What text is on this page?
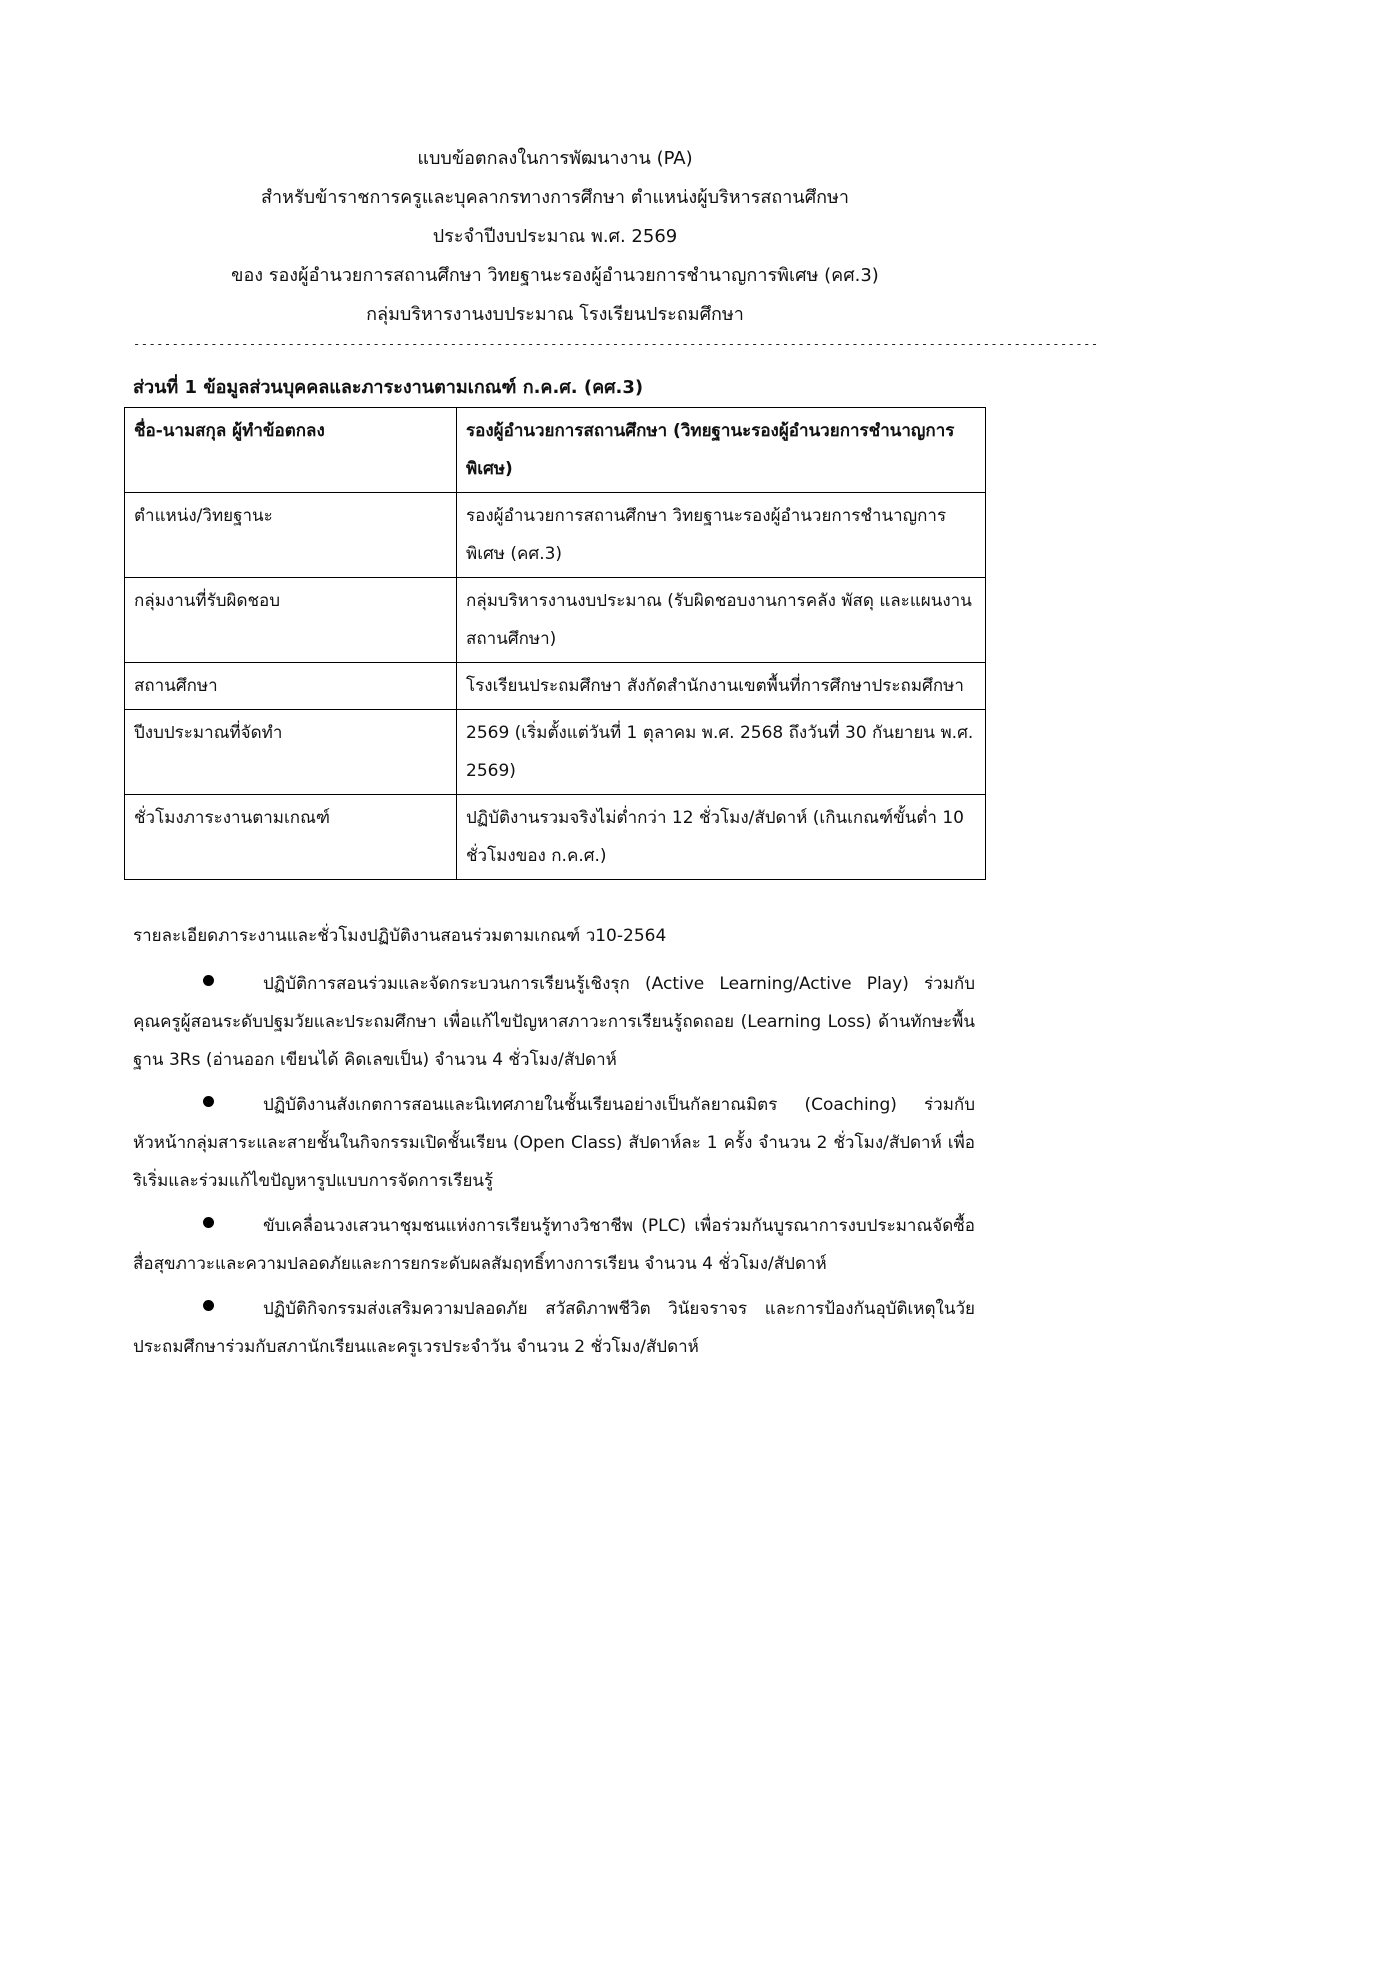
แบบข้อตกลงในการพัฒนางาน (PA)
สำหรับข้าราชการครูและบุคลากรทางการศึกษา ตำแหน่งผู้บริหารสถานศึกษา
ประจำปีงบประมาณ พ.ศ. 2569
ของ รองผู้อำนวยการสถานศึกษา วิทยฐานะรองผู้อำนวยการชำนาญการพิเศษ (คศ.3)
กลุ่มบริหารงานงบประมาณ โรงเรียนประถมศึกษา
-----------------------------------------------------------------------------------------------------------------------------
ส่วนที่ 1 ข้อมูลส่วนบุคคลและภาระงานตามเกณฑ์ ก.ค.ศ. (คศ.3)
ชื่อ-นามสกุล ผู้ทำข้อตกลง	รองผู้อำนวยการสถานศึกษา (วิทยฐานะรองผู้อำนวยการชำนาญการพิเศษ)
ตำแหน่ง/วิทยฐานะ	รองผู้อำนวยการสถานศึกษา วิทยฐานะรองผู้อำนวยการชำนาญการพิเศษ (คศ.3)
กลุ่มงานที่รับผิดชอบ	กลุ่มบริหารงานงบประมาณ (รับผิดชอบงานการคลัง พัสดุ และแผนงานสถานศึกษา)
สถานศึกษา	โรงเรียนประถมศึกษา สังกัดสำนักงานเขตพื้นที่การศึกษาประถมศึกษา
ปีงบประมาณที่จัดทำ	2569 (เริ่มตั้งแต่วันที่ 1 ตุลาคม พ.ศ. 2568 ถึงวันที่ 30 กันยายน พ.ศ. 2569)
ชั่วโมงภาระงานตามเกณฑ์	ปฏิบัติงานรวมจริงไม่ต่ำกว่า 12 ชั่วโมง/สัปดาห์ (เกินเกณฑ์ขั้นต่ำ 10 ชั่วโมงของ ก.ค.ศ.)
รายละเอียดภาระงานและชั่วโมงปฏิบัติงานสอนร่วมตามเกณฑ์ ว10-2564
ปฏิบัติการสอนร่วมและจัดกระบวนการเรียนรู้เชิงรุก (Active Learning/Active Play) ร่วมกับคุณครูผู้สอนระดับปฐมวัยและประถมศึกษา เพื่อแก้ไขปัญหาสภาวะการเรียนรู้ถดถอย (Learning Loss) ด้านทักษะพื้นฐาน 3Rs (อ่านออก เขียนได้ คิดเลขเป็น) จำนวน 4 ชั่วโมง/สัปดาห์
ปฏิบัติงานสังเกตการสอนและนิเทศภายในชั้นเรียนอย่างเป็นกัลยาณมิตร (Coaching) ร่วมกับหัวหน้ากลุ่มสาระและสายชั้นในกิจกรรมเปิดชั้นเรียน (Open Class) สัปดาห์ละ 1 ครั้ง จำนวน 2 ชั่วโมง/สัปดาห์ เพื่อริเริ่มและร่วมแก้ไขปัญหารูปแบบการจัดการเรียนรู้
ขับเคลื่อนวงเสวนาชุมชนแห่งการเรียนรู้ทางวิชาชีพ (PLC) เพื่อร่วมกันบูรณาการงบประมาณจัดซื้อสื่อสุขภาวะและความปลอดภัยและการยกระดับผลสัมฤทธิ์ทางการเรียน จำนวน 4 ชั่วโมง/สัปดาห์
ปฏิบัติกิจกรรมส่งเสริมความปลอดภัย สวัสดิภาพชีวิต วินัยจราจร และการป้องกันอุบัติเหตุในวัยประถมศึกษาร่วมกับสภานักเรียนและครูเวรประจำวัน จำนวน 2 ชั่วโมง/สัปดาห์
